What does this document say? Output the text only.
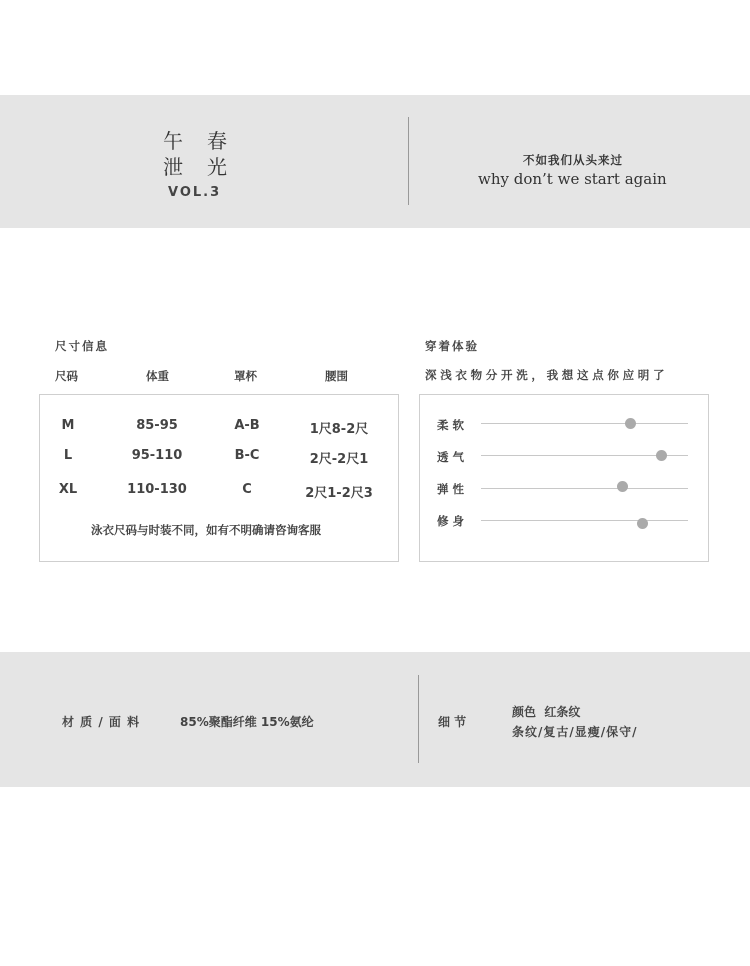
午 春
泄 光
VOL.3
不如我们从头来过
why don’t we start again
尺寸信息
尺码	体重	罩杯	腰围
M	85-95	A-B	1尺8-2尺
L	95-110	B-C	2尺-2尺1
XL	110-130	C	2尺1-2尺3
泳衣尺码与时装不同，如有不明确请咨询客服
穿着体验
深浅衣物分开洗，我想这点你应明了
柔软
透气
弹性
修身
材 质 / 面 料	85%聚酯纤维 15%氨纶	细 节
颜色  红条纹
条纹/复古/显瘦/保守/
